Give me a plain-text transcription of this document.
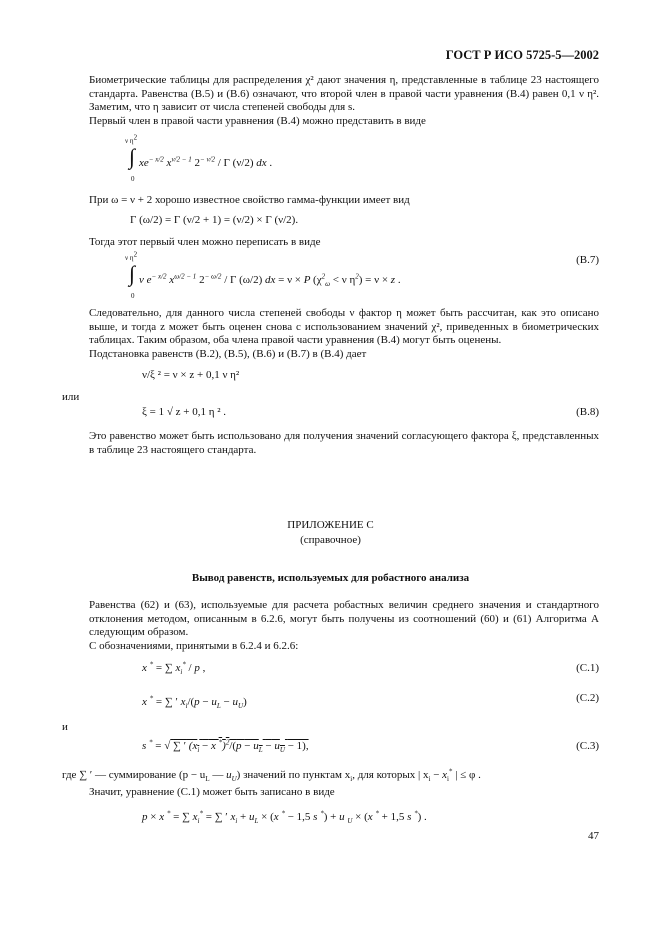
ГОСТ Р ИСО 5725-5—2002
Биометрические таблицы для распределения χ² дают значения η, представленные в таблице 23 настоящего стандарта. Равенства (В.5) и (В.6) означают, что второй член в правой части уравнения (В.4) равен 0,1 ν η². Заметим, что η зависит от числа степеней свободы для s.
Первый член в правой части уравнения (В.4) можно представить в виде
ν $\eta^2$
∫ $xe^{- x/2}$ $x^{\nu/2 - 1}$ $2^{- \nu/2}$ / Γ (ν/2) dx .
0
При ω = ν + 2 хорошо известное свойство гамма-функции имеет вид
Γ (ω/2) = Γ (ν/2 + 1) = (ν/2) × Γ (ν/2).
Тогда этот первый член можно переписать в виде
ν $\eta^2$
∫ ν $e^{- x/2}$ $x^{\omega/2 - 1}$ $2^{- \omega/2}$ / Γ (ω/2) dx = ν × P ($\chi^2_\omega < \nu$ $\eta^2) = \nu \times z$ .
0
(В.7)
Следовательно, для данного числа степеней свободы ν фактор η может быть рассчитан, как это описано выше, и тогда z может быть оценен снова с использованием значений χ², приведенных в биометрических таблицах. Таким образом, оба члена правой части уравнения (В.4) могут быть оценены.
Подстановка равенств (В.2), (В.5), (В.6) и (В.7) в (В.4) дает
ν/ξ ² = ν × z + 0,1 ν η²
или
ξ = 1 √ z + 0,1 η ² .	(В.8)
Это равенство может быть использовано для получения значений согласующего фактора ξ, представленных в таблице 23 настоящего стандарта.
ПРИЛОЖЕНИЕ С
(справочное)
Вывод равенств, используемых для робастного анализа
Равенства (62) и (63), используемые для расчета робастных величин среднего значения и стандартного отклонения методом, описанным в 6.2.6, могут быть получены из соотношений (60) и (61) Алгоритма А следующим образом.
С обозначениями, принятыми в 6.2.4 и 6.2.6:
x * = ∑ $x_i^*$ / p ,	(С.1)
x * = ∑ ′ $x_i/(p - u_L - u_U)$	(С.2)
и
s * = √ ∑ ′ ($x_i - x$ $^*)^2/(p - u_L - u_U - 1)$,	(С.3)
где ∑ ′ — суммирование ($p - u_L$ — $u_U$) значений по пунктам $x_i$, для которых | $x_i - x_i^*$ | ≤ φ .
Значит, уравнение (С.1) может быть записано в виде
p × x * = ∑ $x_i^*$ = ∑ ′ $x_i + u_L \times (x$ * − 1,5 s *) + u $_U$ × (x * + 1,5 s *) .
47
